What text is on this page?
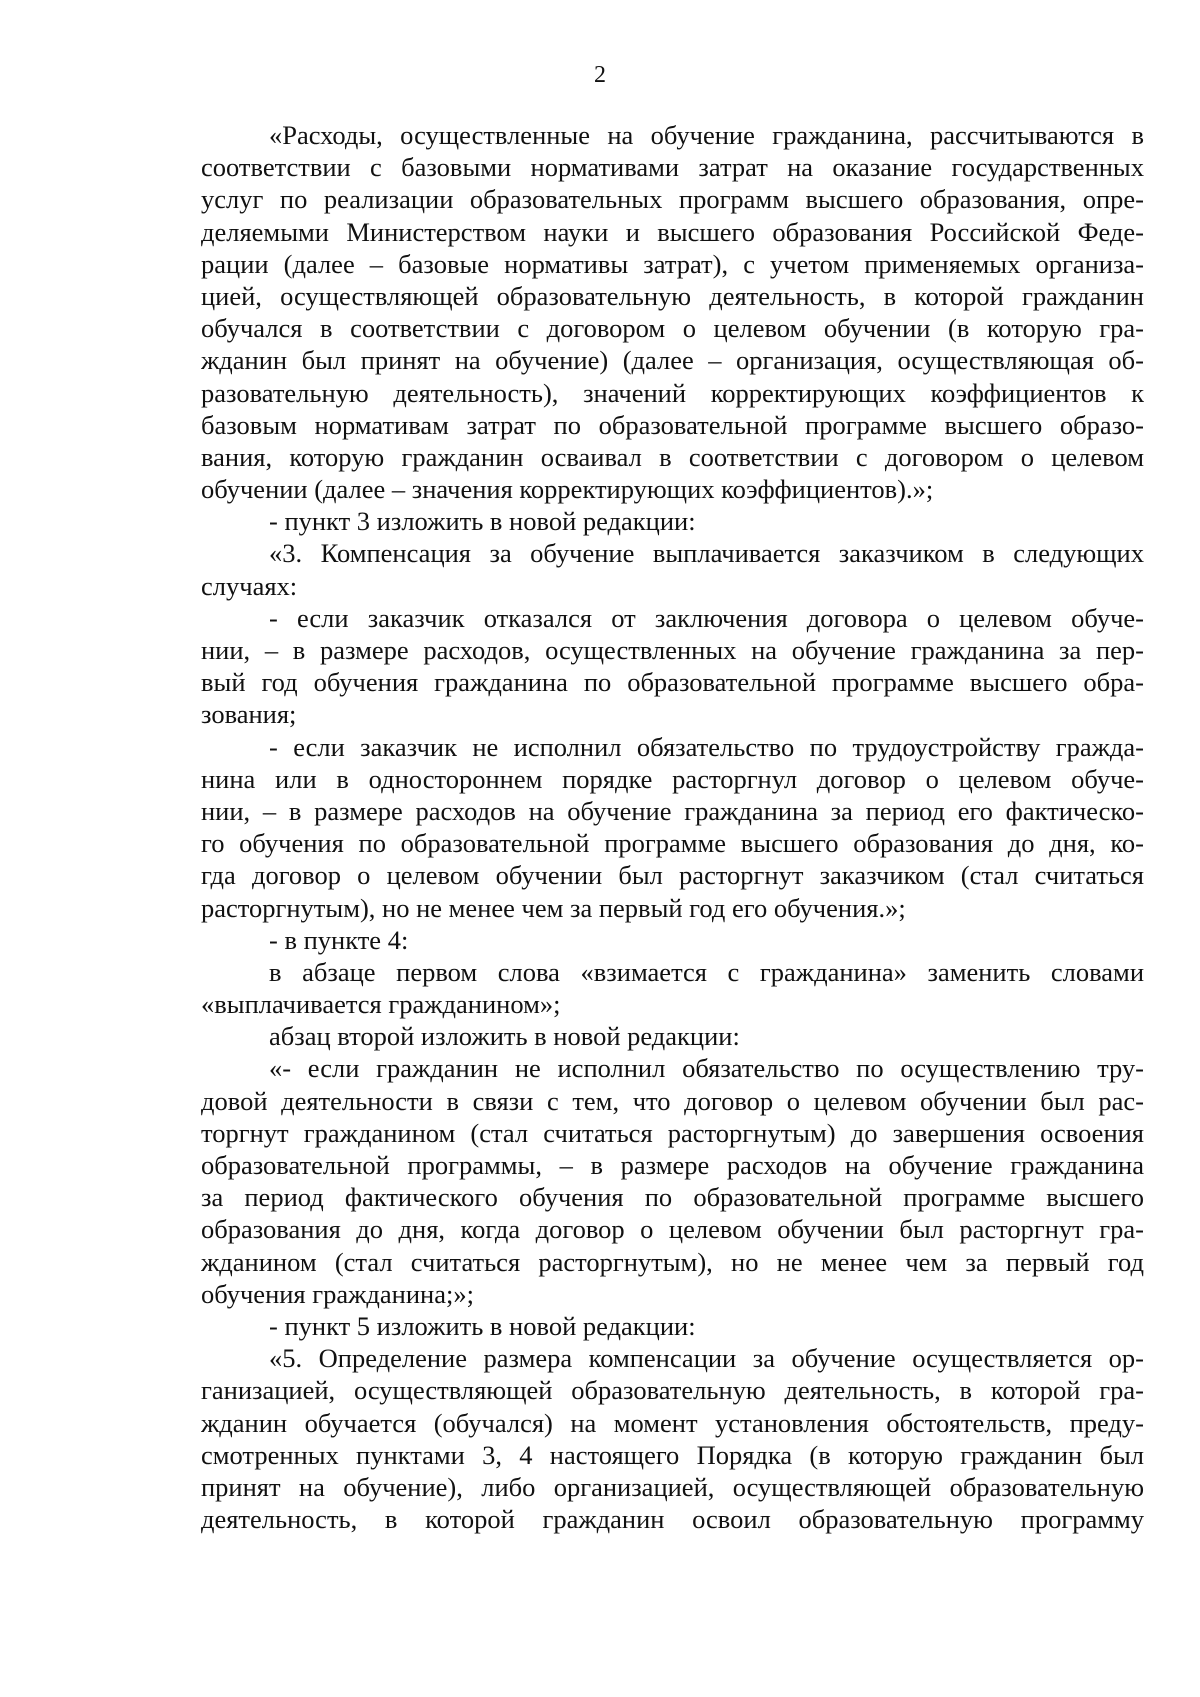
2
«Расходы, осуществленные на обучение гражданина, рассчитываются в
соответствии с базовыми нормативами затрат на оказание государственных
услуг по реализации образовательных программ высшего образования, опре-
деляемыми Министерством науки и высшего образования Российской Феде-
рации (далее – базовые нормативы затрат), с учетом применяемых организа-
цией, осуществляющей образовательную деятельность, в которой гражданин
обучался в соответствии с договором о целевом обучении (в которую гра-
жданин был принят на обучение) (далее – организация, осуществляющая об-
разовательную деятельность), значений корректирующих коэффициентов к
базовым нормативам затрат по образовательной программе высшего образо-
вания, которую гражданин осваивал в соответствии с договором о целевом
обучении (далее – значения корректирующих коэффициентов).»;
- пункт 3 изложить в новой редакции:
«3. Компенсация за обучение выплачивается заказчиком в следующих
случаях:
- если заказчик отказался от заключения договора о целевом обуче-
нии, – в размере расходов, осуществленных на обучение гражданина за пер-
вый год обучения гражданина по образовательной программе высшего обра-
зования;
- если заказчик не исполнил обязательство по трудоустройству гражда-
нина или в одностороннем порядке расторгнул договор о целевом обуче-
нии, – в размере расходов на обучение гражданина за период его фактическо-
го обучения по образовательной программе высшего образования до дня, ко-
гда договор о целевом обучении был расторгнут заказчиком (стал считаться
расторгнутым), но не менее чем за первый год его обучения.»;
- в пункте 4:
в абзаце первом слова «взимается с гражданина» заменить словами
«выплачивается гражданином»;
абзац второй изложить в новой редакции:
«- если гражданин не исполнил обязательство по осуществлению тру-
довой деятельности в связи с тем, что договор о целевом обучении был рас-
торгнут гражданином (стал считаться расторгнутым) до завершения освоения
образовательной программы, – в размере расходов на обучение гражданина
за период фактического обучения по образовательной программе высшего
образования до дня, когда договор о целевом обучении был расторгнут гра-
жданином (стал считаться расторгнутым), но не менее чем за первый год
обучения гражданина;»;
- пункт 5 изложить в новой редакции:
«5. Определение размера компенсации за обучение осуществляется ор-
ганизацией, осуществляющей образовательную деятельность, в которой гра-
жданин обучается (обучался) на момент установления обстоятельств, преду-
смотренных пунктами 3, 4 настоящего Порядка (в которую гражданин был
принят на обучение), либо организацией, осуществляющей образовательную
деятельность, в которой гражданин освоил образовательную программу
